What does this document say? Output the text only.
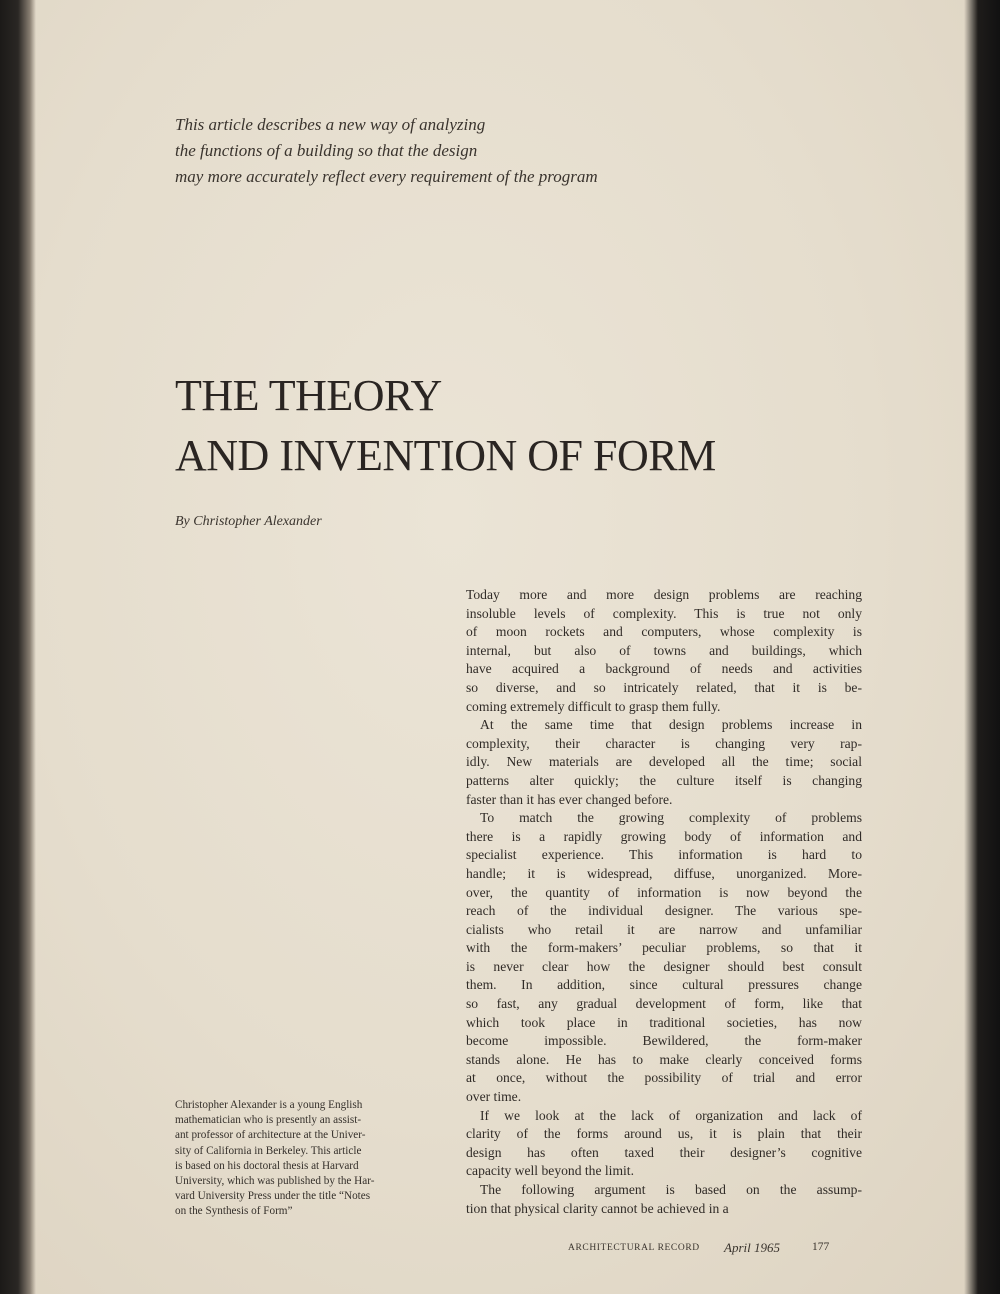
This article describes a new way of analyzing
the functions of a building so that the design
may more accurately reflect every requirement of the program
THE THEORY
AND INVENTION OF FORM
By Christopher Alexander
Christopher Alexander is a young English
mathematician who is presently an assist-
ant professor of architecture at the Univer-
sity of California in Berkeley. This article
is based on his doctoral thesis at Harvard
University, which was published by the Har-
vard University Press under the title “Notes
on the Synthesis of Form”

Today more and more design problems are reaching
insoluble levels of complexity. This is true not only
of moon rockets and computers, whose complexity is
internal, but also of towns and buildings, which
have acquired a background of needs and activities
so diverse, and so intricately related, that it is be-
coming extremely difficult to grasp them fully.

At the same time that design problems increase in
complexity, their character is changing very rap-
idly. New materials are developed all the time; social
patterns alter quickly; the culture itself is changing
faster than it has ever changed before.

To match the growing complexity of problems
there is a rapidly growing body of information and
specialist experience. This information is hard to
handle; it is widespread, diffuse, unorganized. More-
over, the quantity of information is now beyond the
reach of the individual designer. The various spe-
cialists who retail it are narrow and unfamiliar
with the form-makers’ peculiar problems, so that it
is never clear how the designer should best consult
them. In addition, since cultural pressures change
so fast, any gradual development of form, like that
which took place in traditional societies, has now
become impossible. Bewildered, the form-maker
stands alone. He has to make clearly conceived forms
at once, without the possibility of trial and error
over time.

If we look at the lack of organization and lack of
clarity of the forms around us, it is plain that their
design has often taxed their designer’s cognitive
capacity well beyond the limit.

The following argument is based on the assump-
tion that physical clarity cannot be achieved in a

ARCHITECTURAL RECORD April 1965	177
